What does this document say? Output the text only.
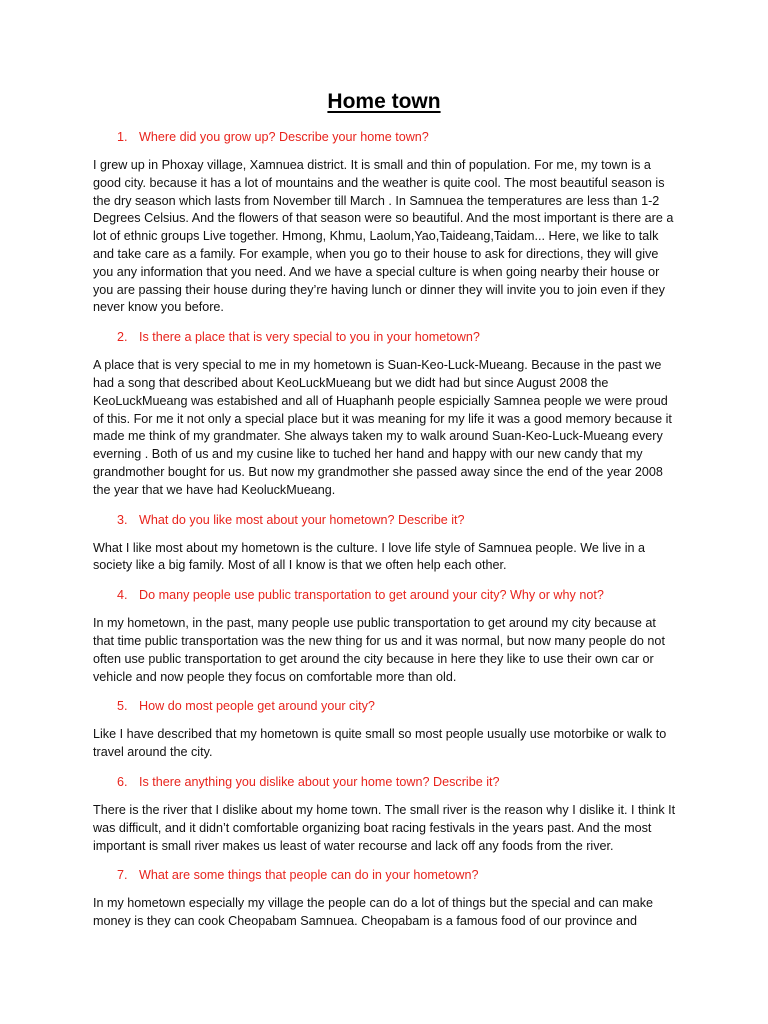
Home town
1. Where did you grow up? Describe your home town?

I grew up in Phoxay village, Xamnuea district. It is small and thin of population. For me, my town is a good city. because it has a lot of mountains and the weather is quite cool. The most beautiful season is the dry season which lasts from November till March . In Samnuea the temperatures are less than 1-2 Degrees Celsius. And the flowers of that season were so beautiful. And the most important is there are a lot of ethnic groups Live together. Hmong, Khmu, Laolum,Yao,Taideang,Taidam... Here, we like to talk and take care as a family. For example, when you go to their house to ask for directions, they will give you any information that you need. And we have a special culture is when going nearby their house or you are passing their house during they’re having lunch or dinner they will invite you to join even if they never know you before.

2. Is there a place that is very special to you in your hometown?

A place that is very special to me in my hometown is Suan-Keo-Luck-Mueang. Because in the past we had a song that described about KeoLuckMueang but we didt had but since August 2008 the KeoLuckMueang was estabished and all of Huaphanh people espicially Samnea people we were proud of this. For me it not only a special place but it was meaning for my life it was a good memory because it made me think of my grandmater. She always taken my to walk around Suan-Keo-Luck-Mueang every everning . Both of us and my cusine like to tuched her hand and happy with our new candy that my grandmother bought for us. But now my grandmother she passed away since the end of the year 2008 the year that we have had KeoluckMueang.

3. What do you like most about your hometown? Describe it?

What I like most about my hometown is the culture. I love life style of Samnuea people. We live in a society like a big family. Most of all I know is that we often help each other.

4. Do many people use public transportation to get around your city? Why or why not?

In my hometown, in the past, many people use public transportation to get around my city because at that time public transportation was the new thing for us and it was normal, but now many people do not often use public transportation to get around the city because in here they like to use their own car or vehicle and now people they focus on comfortable more than old.

5. How do most people get around your city?

Like I have described that my hometown is quite small so most people usually use motorbike or walk to travel around the city.

6. Is there anything you dislike about your home town? Describe it?

There is the river that I dislike about my home town. The small river is the reason why I dislike it. I think It was difficult, and it didn’t comfortable organizing boat racing festivals in the years past. And the most important is small river makes us least of water recourse and lack off any foods from the river.

7. What are some things that people can do in your hometown?

In my hometown especially my village the people can do a lot of things but the special and can make money is they can cook Cheopabam Samnuea. Cheopabam is a famous food of our province and
